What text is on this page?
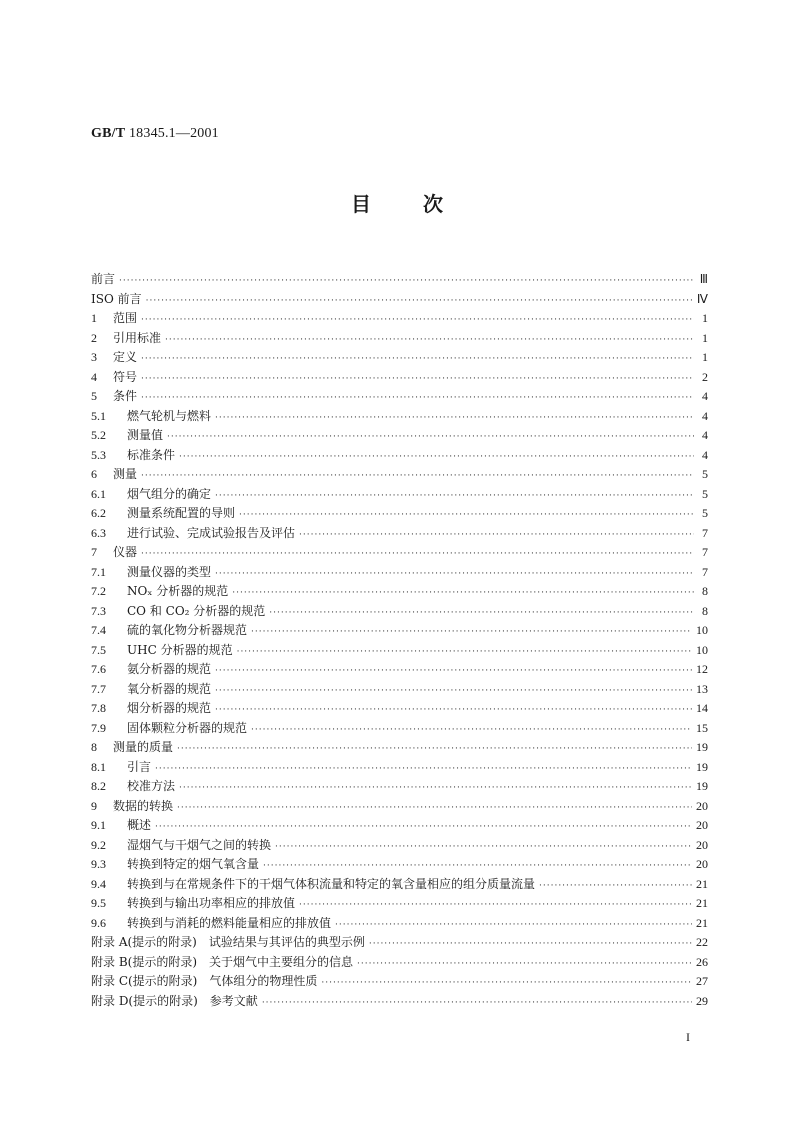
GB/T 18345.1—2001
目	次
前言 ·····	Ⅲ
ISO 前言 ·····	Ⅳ
1	范围 ·····	1
2	引用标准 ·····	1
3	定义 ·····	1
4	符号 ·····	2
5	条件 ·····	4
5.1	燃气轮机与燃料 ·····	4
5.2	测量值 ·····	4
5.3	标准条件 ·····	4
6	测量 ·····	5
6.1	烟气组分的确定 ·····	5
6.2	测量系统配置的导则 ·····	5
6.3	进行试验、完成试验报告及评估 ·····	7
7	仪器 ·····	7
7.1	测量仪器的类型 ·····	7
7.2	NOₓ 分析器的规范 ·····	8
7.3	CO 和 CO₂ 分析器的规范 ·····	8
7.4	硫的氧化物分析器规范 ·····	10
7.5	UHC 分析器的规范 ·····	10
7.6	氨分析器的规范 ·····	12
7.7	氧分析器的规范 ·····	13
7.8	烟分析器的规范 ·····	14
7.9	固体颗粒分析器的规范 ·····	15
8	测量的质量 ·····	19
8.1	引言 ·····	19
8.2	校准方法 ·····	19
9	数据的转换 ·····	20
9.1	概述 ·····	20
9.2	湿烟气与干烟气之间的转换 ·····	20
9.3	转换到特定的烟气氧含量 ·····	20
9.4	转换到与在常规条件下的干烟气体积流量和特定的氧含量相应的组分质量流量 ·····	21
9.5	转换到与输出功率相应的排放值 ·····	21
9.6	转换到与消耗的燃料能量相应的排放值 ·····	21
附录 A(提示的附录)　试验结果与其评估的典型示例 ·····	22
附录 B(提示的附录)　关于烟气中主要组分的信息 ·····	26
附录 C(提示的附录)　气体组分的物理性质 ·····	27
附录 D(提示的附录)　参考文献 ·····	29
I
